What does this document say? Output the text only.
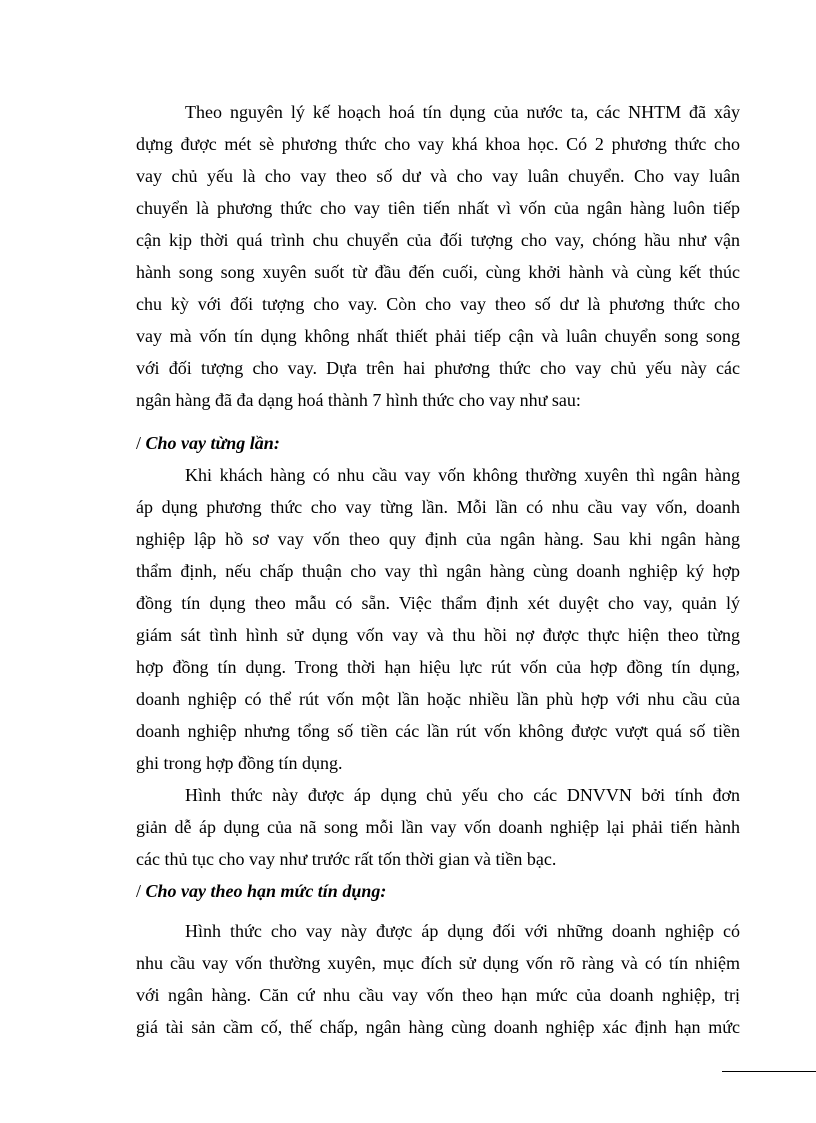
Theo nguyên lý kế hoạch hoá tín dụng của nước ta, các NHTM đã xây
dựng được mét sè phương thức cho vay khá khoa học. Có 2 phương thức cho
vay chủ yếu là cho vay theo số dư và cho vay luân chuyển. Cho vay luân
chuyển là phương thức cho vay tiên tiến nhất vì vốn của ngân hàng luôn tiếp
cận kịp thời quá trình chu chuyển của đối tượng cho vay, chóng hầu như vận
hành song song xuyên suốt từ đầu đến cuối, cùng khởi hành và cùng kết thúc
chu kỳ với đối tượng cho vay. Còn cho vay theo số dư là phương thức cho
vay mà vốn tín dụng không nhất thiết phải tiếp cận và luân chuyển song song
với đối tượng cho vay. Dựa trên hai phương thức cho vay chủ yếu này các
ngân hàng đã đa dạng hoá thành 7 hình thức cho vay như sau:
/ Cho vay từng lần:
Khi khách hàng có nhu cầu vay vốn không thường xuyên thì ngân hàng
áp dụng phương thức cho vay từng lần. Mỗi lần có nhu cầu vay vốn, doanh
nghiệp lập hồ sơ vay vốn theo quy định của ngân hàng. Sau khi ngân hàng
thẩm định, nếu chấp thuận cho vay thì ngân hàng cùng doanh nghiệp ký hợp
đồng tín dụng theo mẫu có sẵn. Việc thẩm định xét duyệt cho vay, quản lý
giám sát tình hình sử dụng vốn vay và thu hồi nợ được thực hiện theo từng
hợp đồng tín dụng. Trong thời hạn hiệu lực rút vốn của hợp đồng tín dụng,
doanh nghiệp có thể rút vốn một lần hoặc nhiều lần phù hợp với nhu cầu của
doanh nghiệp nhưng tổng số tiền các lần rút vốn không được vượt quá số tiền
ghi trong hợp đồng tín dụng.
Hình thức này được áp dụng chủ yếu cho các DNVVN bởi tính đơn
giản dễ áp dụng của nã song mỗi lần vay vốn doanh nghiệp lại phải tiến hành
các thủ tục cho vay như trước rất tốn thời gian và tiền bạc.
/ Cho vay theo hạn mức tín dụng:
Hình thức cho vay này được áp dụng đối với những doanh nghiệp có
nhu cầu vay vốn thường xuyên, mục đích sử dụng vốn rõ ràng và có tín nhiệm
với ngân hàng. Căn cứ nhu cầu vay vốn theo hạn mức của doanh nghiệp, trị
giá tài sản cầm cố, thế chấp, ngân hàng cùng doanh nghiệp xác định hạn mức
